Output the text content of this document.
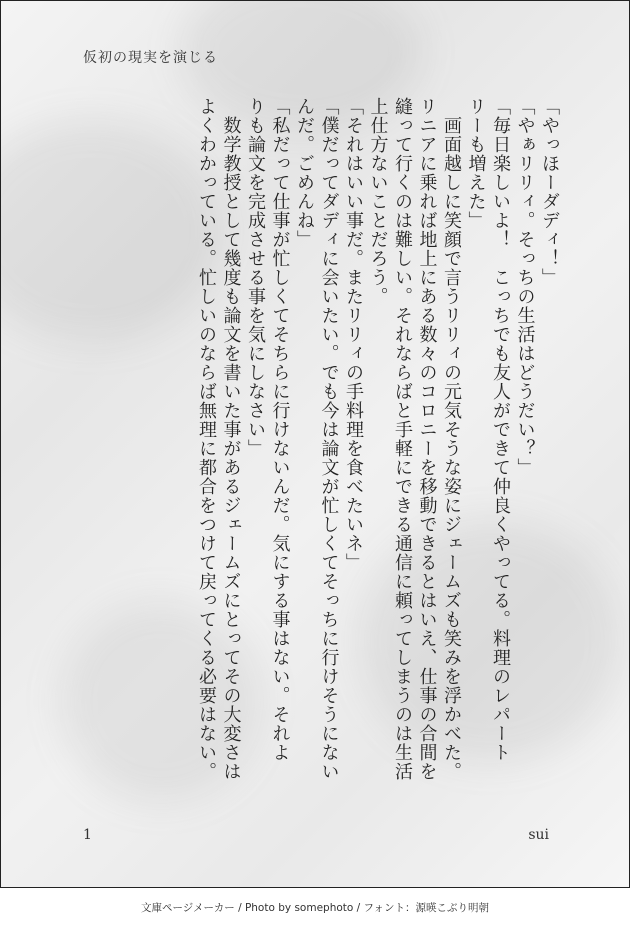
仮初の現実を演じる

「やっほーダディ！」

「やぁリリィ。そっちの生活はどうだい？」

「毎日楽しいよ！　こっちでも友人ができて仲良くやってる。料理のレパート

リーも増えた」

　画面越しに笑顔で言うリリィの元気そうな姿にジェームズも笑みを浮かべた。

リニアに乗れば地上にある数々のコロニーを移動できるとはいえ、仕事の合間を

縫って行くのは難しい。それならばと手軽にできる通信に頼ってしまうのは生活

上仕方ないことだろう。

「それはいい事だ。またリリィの手料理を食べたいネ」

「僕だってダディに会いたい。でも今は論文が忙しくてそっちに行けそうにない

んだ。ごめんね」

「私だって仕事が忙しくてそちらに行けないんだ。気にする事はない。それよ

りも論文を完成させる事を気にしなさい」

　数学教授として幾度も論文を書いた事があるジェームズにとってその大変さは

よくわかっている。忙しいのならば無理に都合をつけて戻ってくる必要はない。

1	sui
文庫ページメーカー / Photo by somephoto / フォント：源暎こぶり明朝
